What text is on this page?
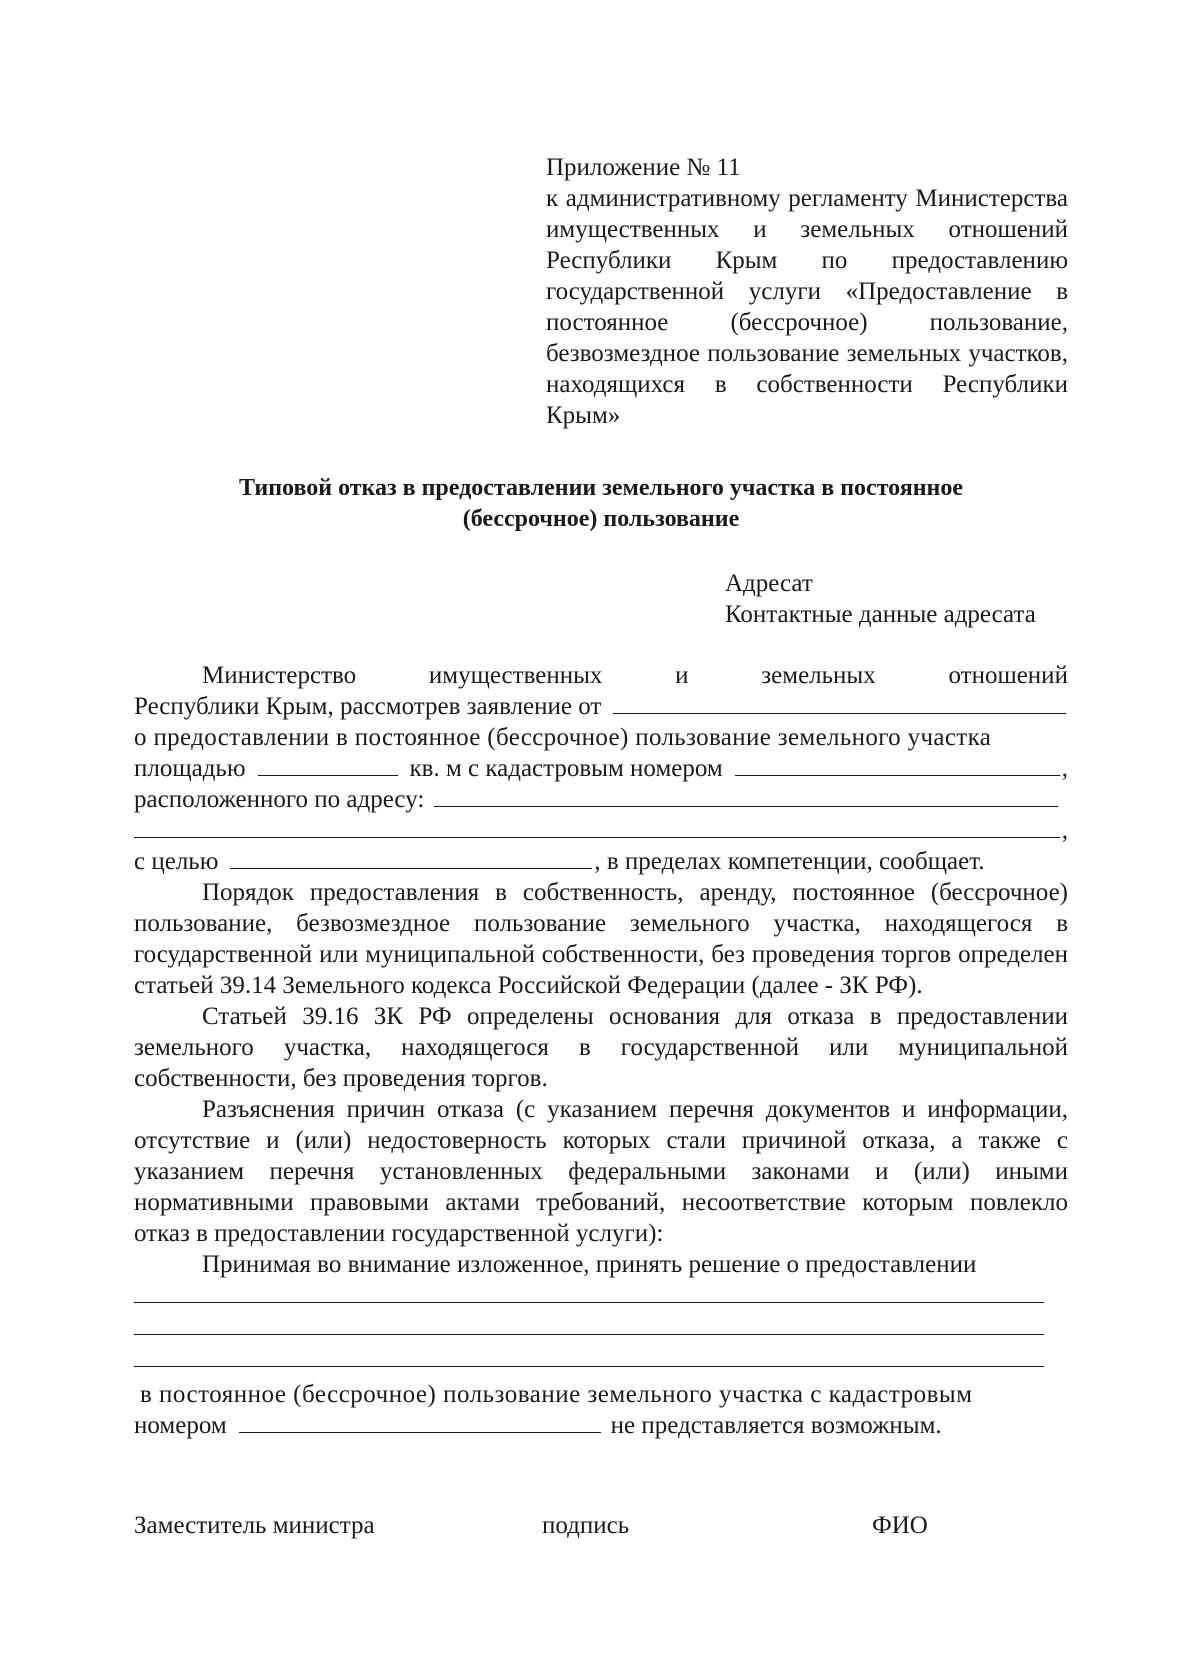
Приложение № 11
к административному регламенту Министерства имущественных и земельных отношений Республики Крым по предоставлению государственной услуги «Предоставление в постоянное (бессрочное) пользование, безвозмездное пользование земельных участков, находящихся в собственности Республики Крым»
Типовой отказ в предоставлении земельного участка в постоянное
(бессрочное) пользование
Адресат
Контактные данные адресата
Министерство	имущественных	и	земельных	отношений
Республики Крым, рассмотрев заявление от
о предоставлении в постоянное (бессрочное) пользование земельного участка
площадью	кв. м с кадастровым номером	,
расположенного по адресу:
,
с целью	, в пределах компетенции, сообщает.

Порядок предоставления в собственность, аренду, постоянное (бессрочное) пользование, безвозмездное пользование земельного участка, находящегося в государственной или муниципальной собственности, без проведения торгов определен статьей 39.14 Земельного кодекса Российской Федерации (далее - ЗК РФ).

Статьей 39.16 ЗК РФ определены основания для отказа в предоставлении земельного участка, находящегося в государственной или муниципальной собственности, без проведения торгов.

Разъяснения причин отказа (с указанием перечня документов и информации, отсутствие и (или) недостоверность которых стали причиной отказа, а также с указанием перечня установленных федеральными законами и (или) иными нормативными правовыми актами требований, несоответствие которым повлекло отказ в предоставлении государственной услуги):

Принимая во внимание изложенное, принять решение о предоставлении

в постоянное (бессрочное) пользование земельного участка с кадастровым
номером	не представляется возможным.
Заместитель министра	подпись	ФИО
